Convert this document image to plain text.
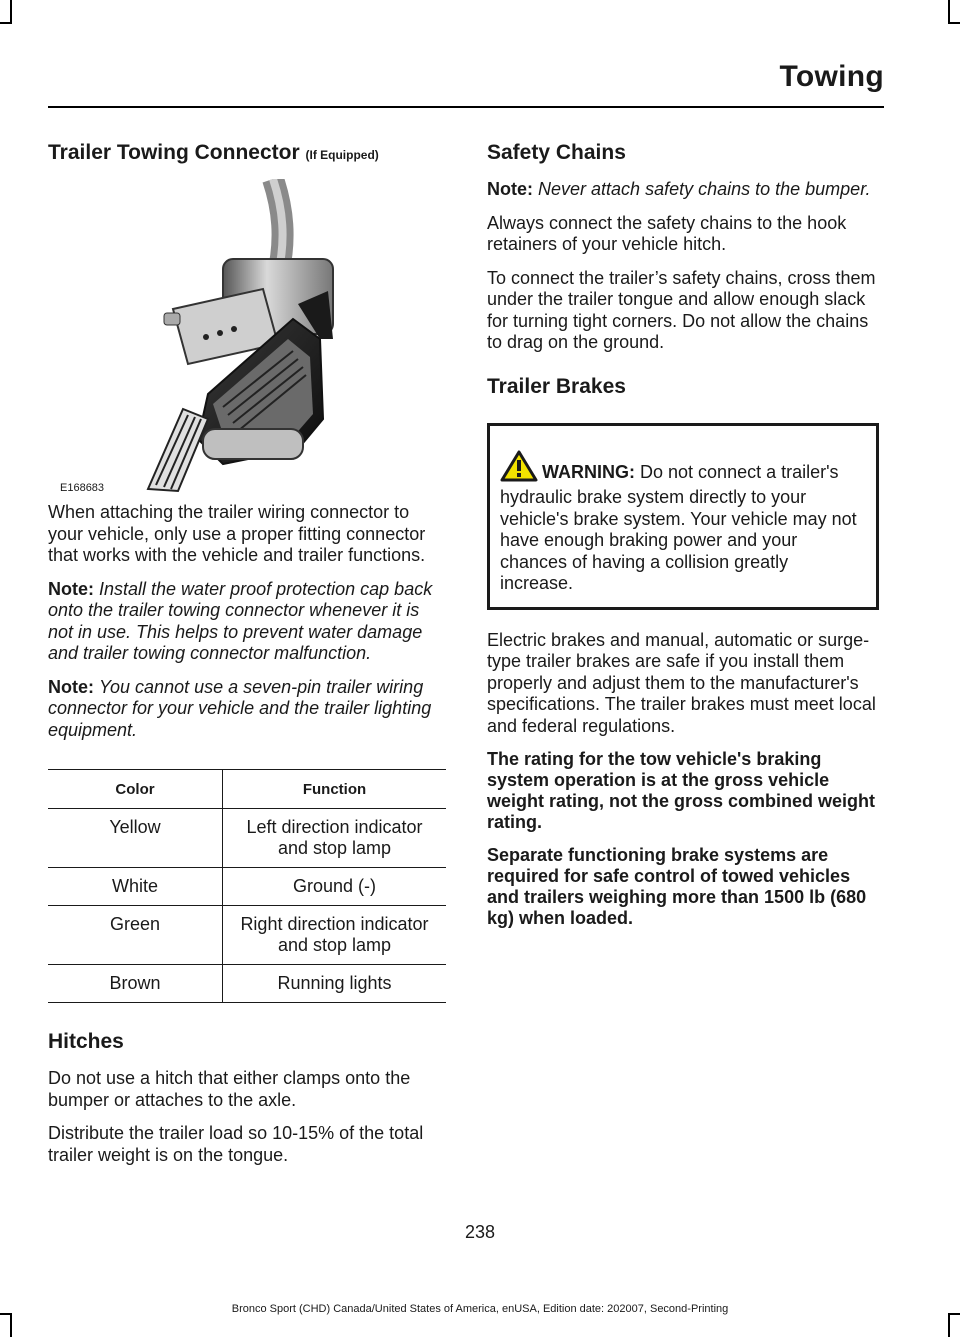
Towing
Trailer Towing Connector (If Equipped)
E168683

When attaching the trailer wiring connector to your vehicle, only use a proper fitting connector that works with the vehicle and trailer functions.

Note: Install the water proof protection cap back onto the trailer towing connector whenever it is not in use. This helps to prevent water damage and trailer towing connector malfunction.

Note: You cannot use a seven-pin trailer wiring connector for your vehicle and the trailer lighting equipment.

Color	Function
Yellow	Left direction indicator and stop lamp
White	Ground (-)
Green	Right direction indicator and stop lamp
Brown	Running lights
Hitches

Do not use a hitch that either clamps onto the bumper or attaches to the axle.

Distribute the trailer load so 10-15% of the total trailer weight is on the tongue.

Safety Chains

Note: Never attach safety chains to the bumper.

Always connect the safety chains to the hook retainers of your vehicle hitch.

To connect the trailer’s safety chains, cross them under the trailer tongue and allow enough slack for turning tight corners. Do not allow the chains to drag on the ground.

Trailer Brakes
WARNING: Do not connect a trailer's hydraulic brake system directly to your vehicle's brake system. Your vehicle may not have enough braking power and your chances of having a collision greatly increase.

Electric brakes and manual, automatic or surge-type trailer brakes are safe if you install them properly and adjust them to the manufacturer's specifications. The trailer brakes must meet local and federal regulations.

The rating for the tow vehicle's braking system operation is at the gross vehicle weight rating, not the gross combined weight rating.

Separate functioning brake systems are required for safe control of towed vehicles and trailers weighing more than 1500 lb (680 kg) when loaded.

238
Bronco Sport (CHD) Canada/United States of America, enUSA, Edition date: 202007, Second-Printing
